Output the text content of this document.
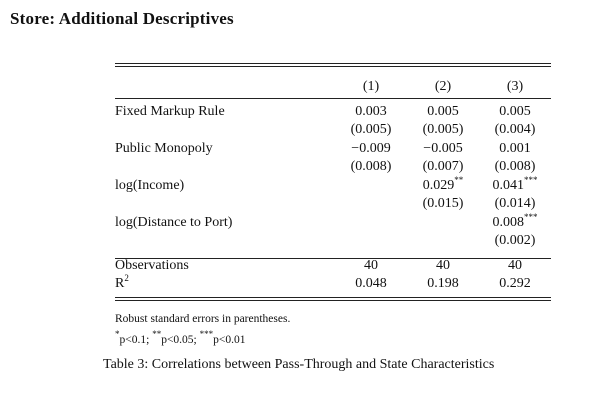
Store: Additional Descriptives
	(1)	(2)	(3)

Fixed Markup Rule	0.003	0.005	0.005
	(0.005)	(0.005)	(0.004)
Public Monopoly	−0.009	−0.005	0.001
	(0.008)	(0.007)	(0.008)
log(Income)		0.029**	0.041***
		(0.015)	(0.014)
log(Distance to Port)			0.008***
			(0.002)

Observations	40	40	40
$R^2$	0.048	0.198	0.292
Robust standard errors in parentheses.
*p<0.1; **p<0.05; ***p<0.01
Table 3: Correlations between Pass-Through and State Characteristics
